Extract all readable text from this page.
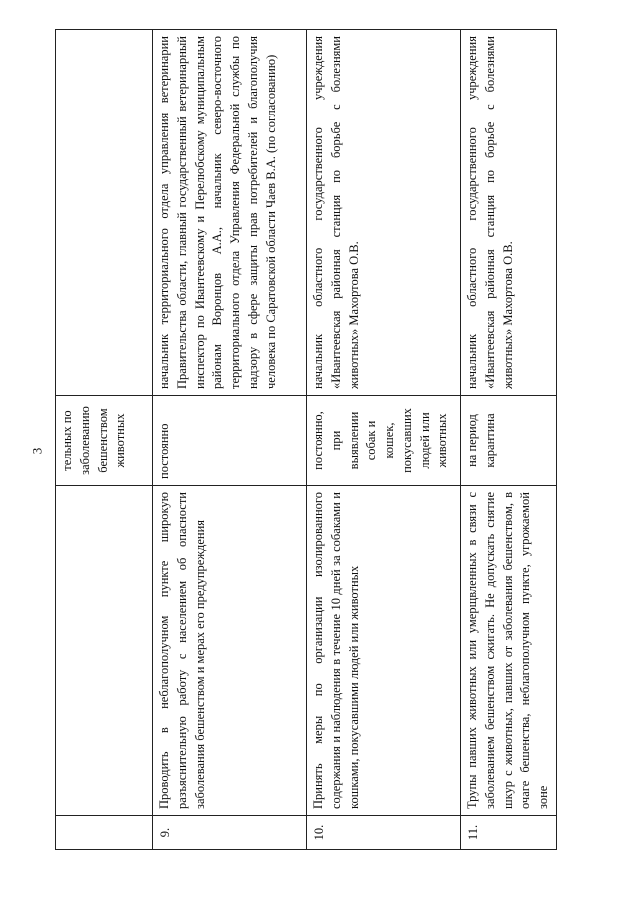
3
		тельных по заболеванию бешенством животных	
9.	Проводить в неблагополучном пункте широкую разъяснительную работу с населением об опасности заболевания бешенством и мерах его предупреждения	постоянно	начальник территориального отдела управления ветеринарии Правительства области, главный государственный ветеринарный инспектор по Ивантеевскому и Перелюбскому муниципальным районам Воронцов А.А., начальник северо-восточного территориального отдела Управления Федеральной службы по надзору в сфере защиты прав потребителей и благополучия человека по Саратовской области Чаев В.А. (по согласованию)
10.	Принять меры по организации изолированного содержания и наблюдения в течение 10 дней за собаками и кошками, покусавшими людей или животных	постоянно, при выявлении собак и кошек, покусавших людей или животных	начальник областного государственного учреждения «Ивантеевская районная станция по борьбе с болезнями животных» Махортова О.В.
11.	Трупы павших животных или умерщвленных в связи с заболеванием бешенством сжигать. Не допускать снятие шкур с животных, павших от заболевания бешенством, в очаге бешенства, неблагополучном пункте, угрожаемой зоне	на период карантина	начальник областного государственного учреждения «Ивантеевская районная станция по борьбе с болезнями животных» Махортова О.В.
